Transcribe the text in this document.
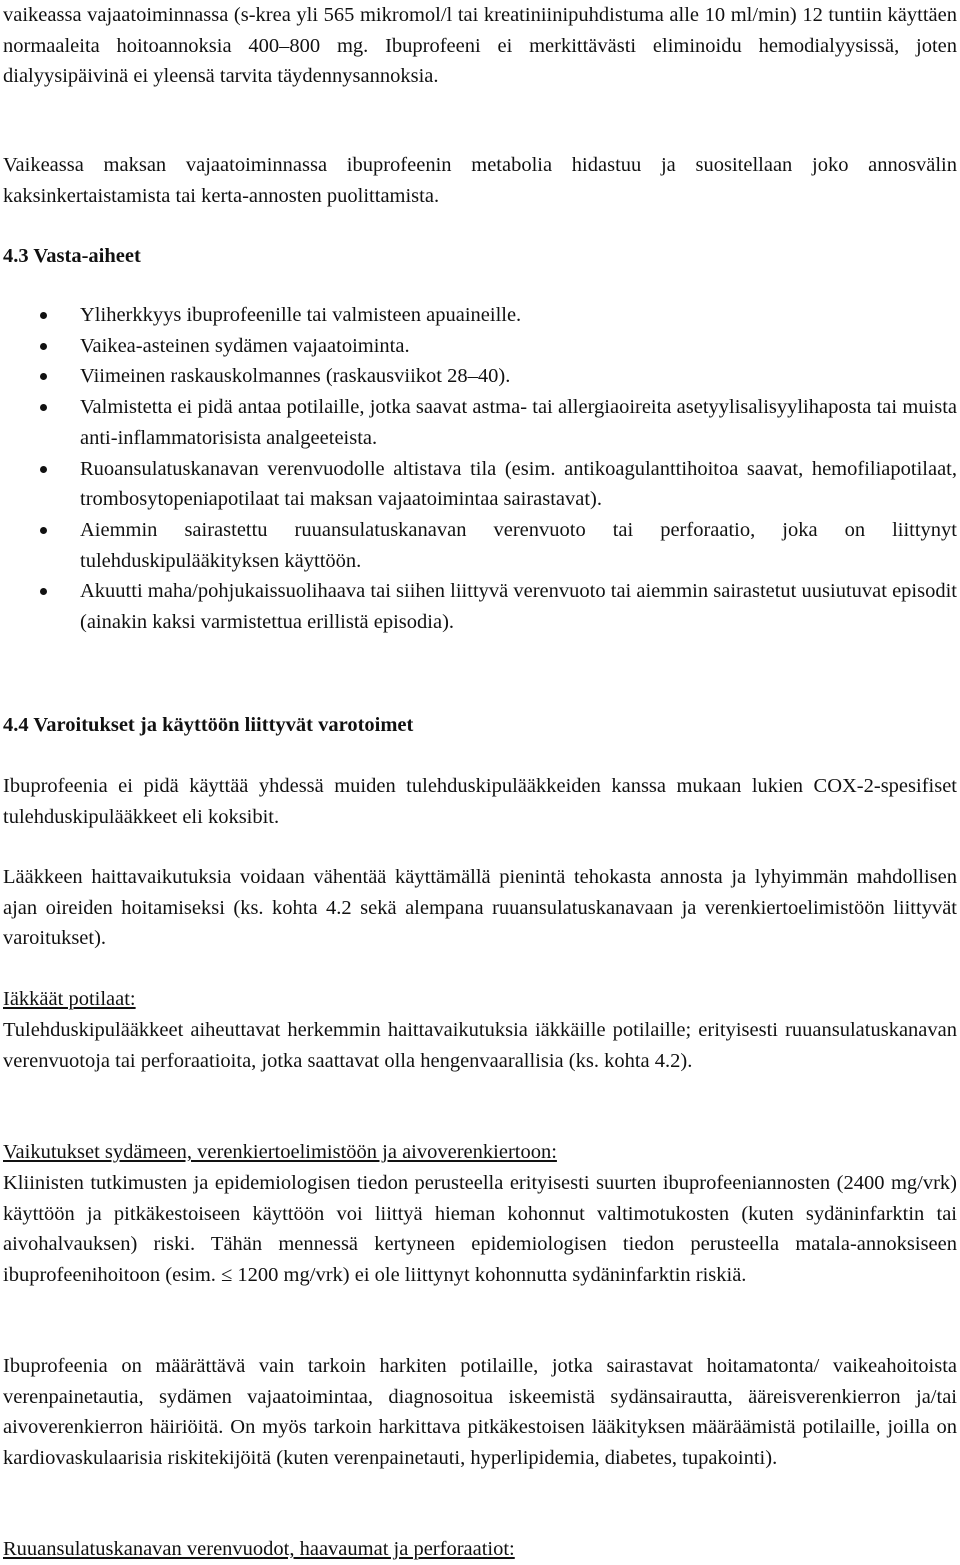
vaikeassa vajaatoiminnassa (s-krea yli 565 mikromol/l tai kreatiniinipuhdistuma alle 10 ml/min) 12 tuntiin käyttäen normaaleita hoitoannoksia 400–800 mg. Ibuprofeeni ei merkittävästi eliminoidu hemodialyysissä, joten dialyysipäivinä ei yleensä tarvita täydennysannoksia.

Vaikeassa maksan vajaatoiminnassa ibuprofeenin metabolia hidastuu ja suositellaan joko annosvälin kaksinkertaistamista tai kerta-annosten puolittamista.

4.3 Vasta-aiheet
Yliherkkyys ibuprofeenille tai valmisteen apuaineille.
Vaikea-asteinen sydämen vajaatoiminta.
Viimeinen raskauskolmannes (raskausviikot 28–40).
Valmistetta ei pidä antaa potilaille, jotka saavat astma- tai allergiaoireita asetyylisalisyylihaposta tai muista anti-inflammatorisista analgeeteista.
Ruoansulatuskanavan verenvuodolle altistava tila (esim. antikoagulanttihoitoa saavat, hemofiliapotilaat, trombosytopeniapotilaat tai maksan vajaatoimintaa sairastavat).
Aiemmin sairastettu ruuansulatuskanavan verenvuoto tai perforaatio, joka on liittynyt tulehduskipulääkityksen käyttöön.
Akuutti maha/pohjukaissuolihaava tai siihen liittyvä verenvuoto tai aiemmin sairastetut uusiutuvat episodit (ainakin kaksi varmistettua erillistä episodia).
4.4 Varoitukset ja käyttöön liittyvät varotoimet

Ibuprofeenia ei pidä käyttää yhdessä muiden tulehduskipulääkkeiden kanssa mukaan lukien COX-2-spesifiset tulehduskipulääkkeet eli koksibit.

Lääkkeen haittavaikutuksia voidaan vähentää käyttämällä pienintä tehokasta annosta ja lyhyimmän mahdollisen ajan oireiden hoitamiseksi (ks. kohta 4.2 sekä alempana ruuansulatuskanavaan ja verenkiertoelimistöön liittyvät varoitukset).

Iäkkäät potilaat:

Tulehduskipulääkkeet aiheuttavat herkemmin haittavaikutuksia iäkkäille potilaille; erityisesti ruuansulatuskanavan verenvuotoja tai perforaatioita, jotka saattavat olla hengenvaarallisia (ks. kohta 4.2).

Vaikutukset sydämeen, verenkiertoelimistöön ja aivoverenkiertoon:

Kliinisten tutkimusten ja epidemiologisen tiedon perusteella erityisesti suurten ibuprofeeniannosten (2400 mg/vrk) käyttöön ja pitkäkestoiseen käyttöön voi liittyä hieman kohonnut valtimotukosten (kuten sydäninfarktin tai aivohalvauksen) riski. Tähän mennessä kertyneen epidemiologisen tiedon perusteella matala-annoksiseen ibuprofeenihoitoon (esim. ≤ 1200 mg/vrk) ei ole liittynyt kohonnutta sydäninfarktin riskiä.

Ibuprofeenia on määrättävä vain tarkoin harkiten potilaille, jotka sairastavat hoitamatonta/ vaikeahoitoista verenpainetautia, sydämen vajaatoimintaa, diagnosoitua iskeemistä sydänsairautta, ääreisverenkierron ja/tai aivoverenkierron häiriöitä. On myös tarkoin harkittava pitkäkestoisen lääkityksen määräämistä potilaille, joilla on kardiovaskulaarisia riskitekijöitä (kuten verenpainetauti, hyperlipidemia, diabetes, tupakointi).

Ruuansulatuskanavan verenvuodot, haavaumat ja perforaatiot:
